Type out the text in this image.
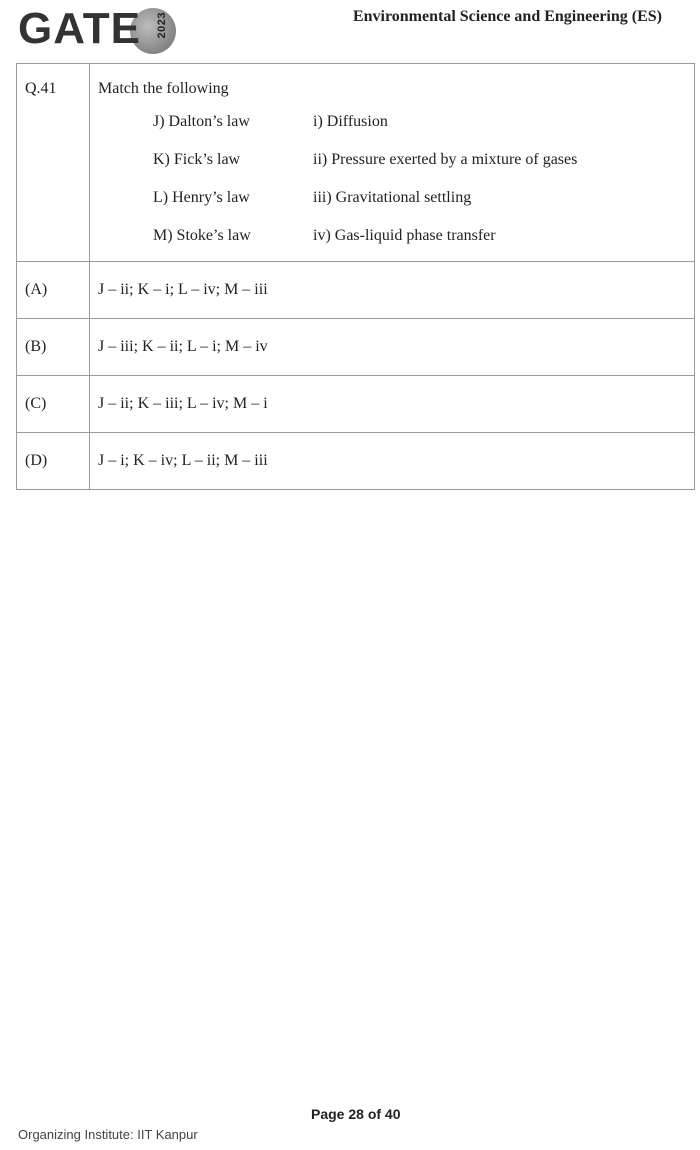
GATE 2023	Environmental Science and Engineering (ES)
Q.41	Match the following
J) Dalton’s law	i) Diffusion
K) Fick’s law	ii) Pressure exerted by a mixture of gases
L) Henry’s law	iii) Gravitational settling
M) Stoke’s law	iv) Gas-liquid phase transfer

(A)	J – ii; K – i; L – iv; M – iii
(B)	J – iii; K – ii; L – i; M – iv
(C)	J – ii; K – iii; L – iv; M – i
(D)	J – i; K – iv; L – ii; M – iii
Page 28 of 40
Organizing Institute: IIT Kanpur
